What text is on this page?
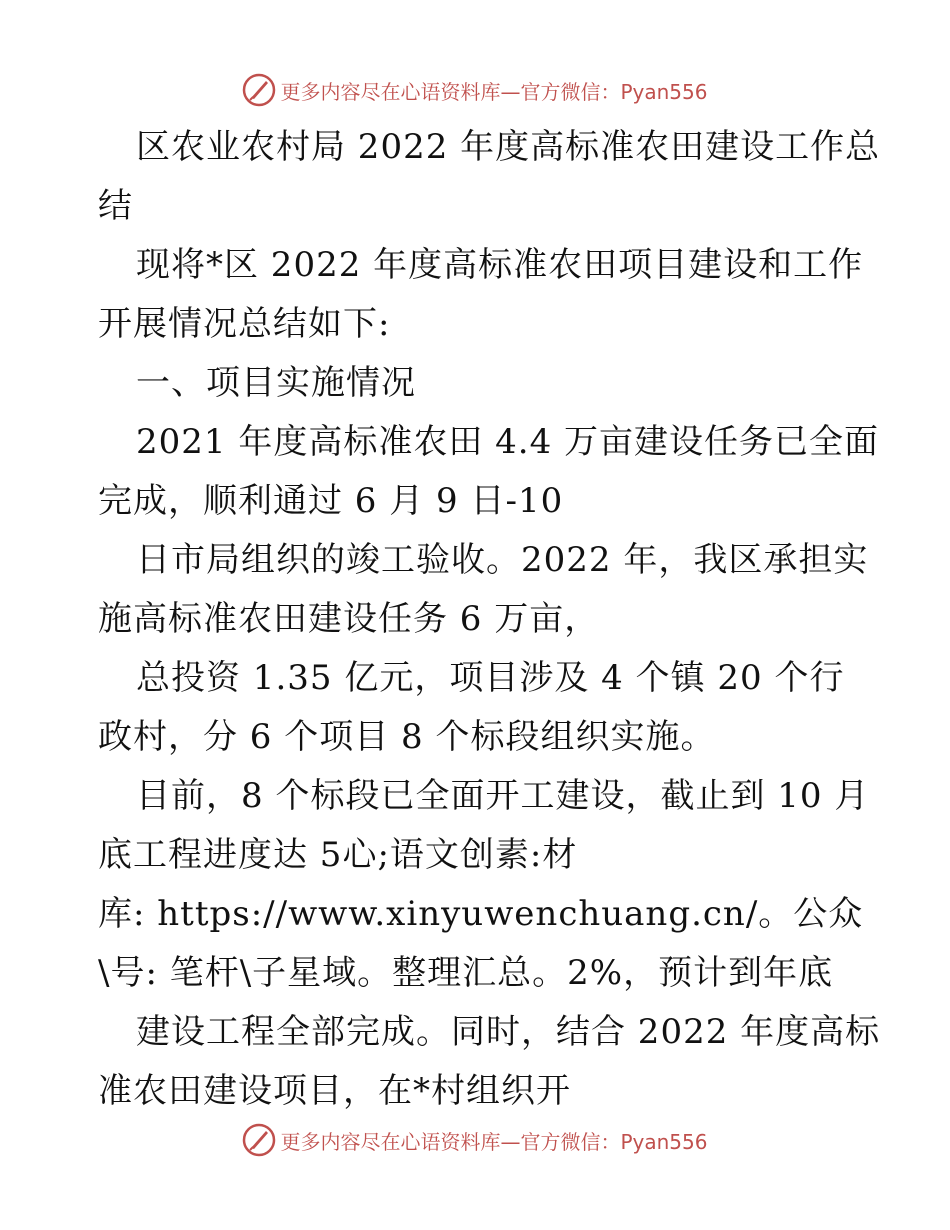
更多内容尽在心语资料库—官方微信：Pyan556
区农业农村局 2022 年度高标准农田建设工作总
结
现将*区 2022 年度高标准农田项目建设和工作
开展情况总结如下:
一、项目实施情况
2021 年度高标准农田 4.4 万亩建设任务已全面
完成，顺利通过 6 月 9 日-10
日市局组织的竣工验收。2022 年，我区承担实
施高标准农田建设任务 6 万亩，
总投资 1.35 亿元，项目涉及 4 个镇 20 个行
政村，分 6 个项目 8 个标段组织实施。
目前，8 个标段已全面开工建设，截止到 10 月
底工程进度达 5心;语文创素:材
库: https://www.xinyuwenchuang.cn/。公众
\号: 笔杆\子星域。整理汇总。2%，预计到年底
建设工程全部完成。同时，结合 2022 年度高标
准农田建设项目，在*村组织开
更多内容尽在心语资料库—官方微信：Pyan556
